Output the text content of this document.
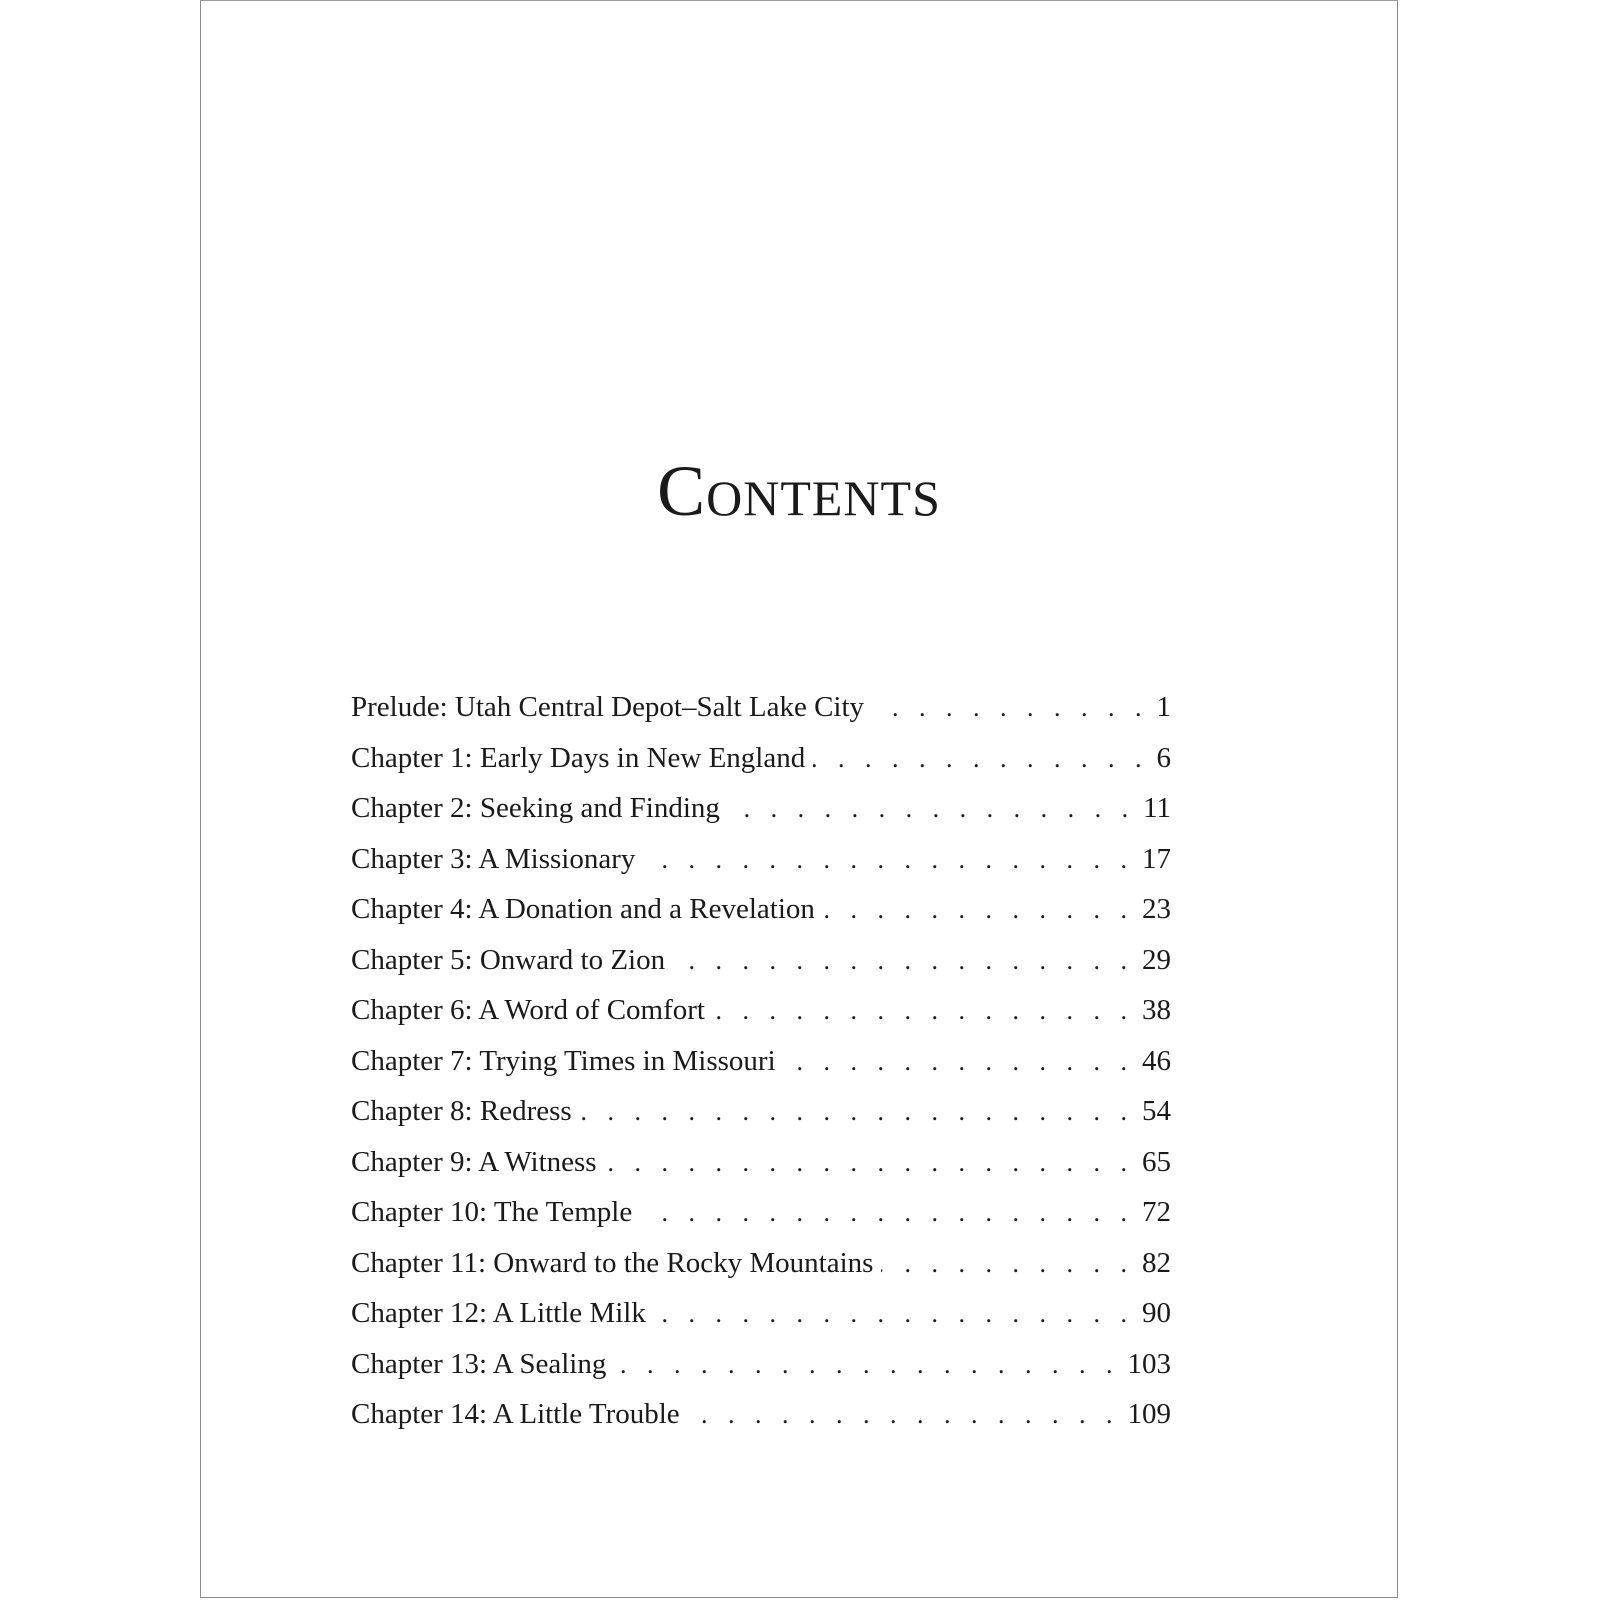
Contents
Prelude: Utah Central Depot–Salt Lake City . . .	1
Chapter 1: Early Days in New England . . .	6
Chapter 2: Seeking and Finding . . .	11
Chapter 3: A Missionary . . .	17
Chapter 4: A Donation and a Revelation . . .	23
Chapter 5: Onward to Zion . . .	29
Chapter 6: A Word of Comfort . . .	38
Chapter 7: Trying Times in Missouri . . .	46
Chapter 8: Redress . . .	54
Chapter 9: A Witness . . .	65
Chapter 10: The Temple . . .	72
Chapter 11: Onward to the Rocky Mountains . . .	82
Chapter 12: A Little Milk . . .	90
Chapter 13: A Sealing . . .	103
Chapter 14: A Little Trouble . . .	109
